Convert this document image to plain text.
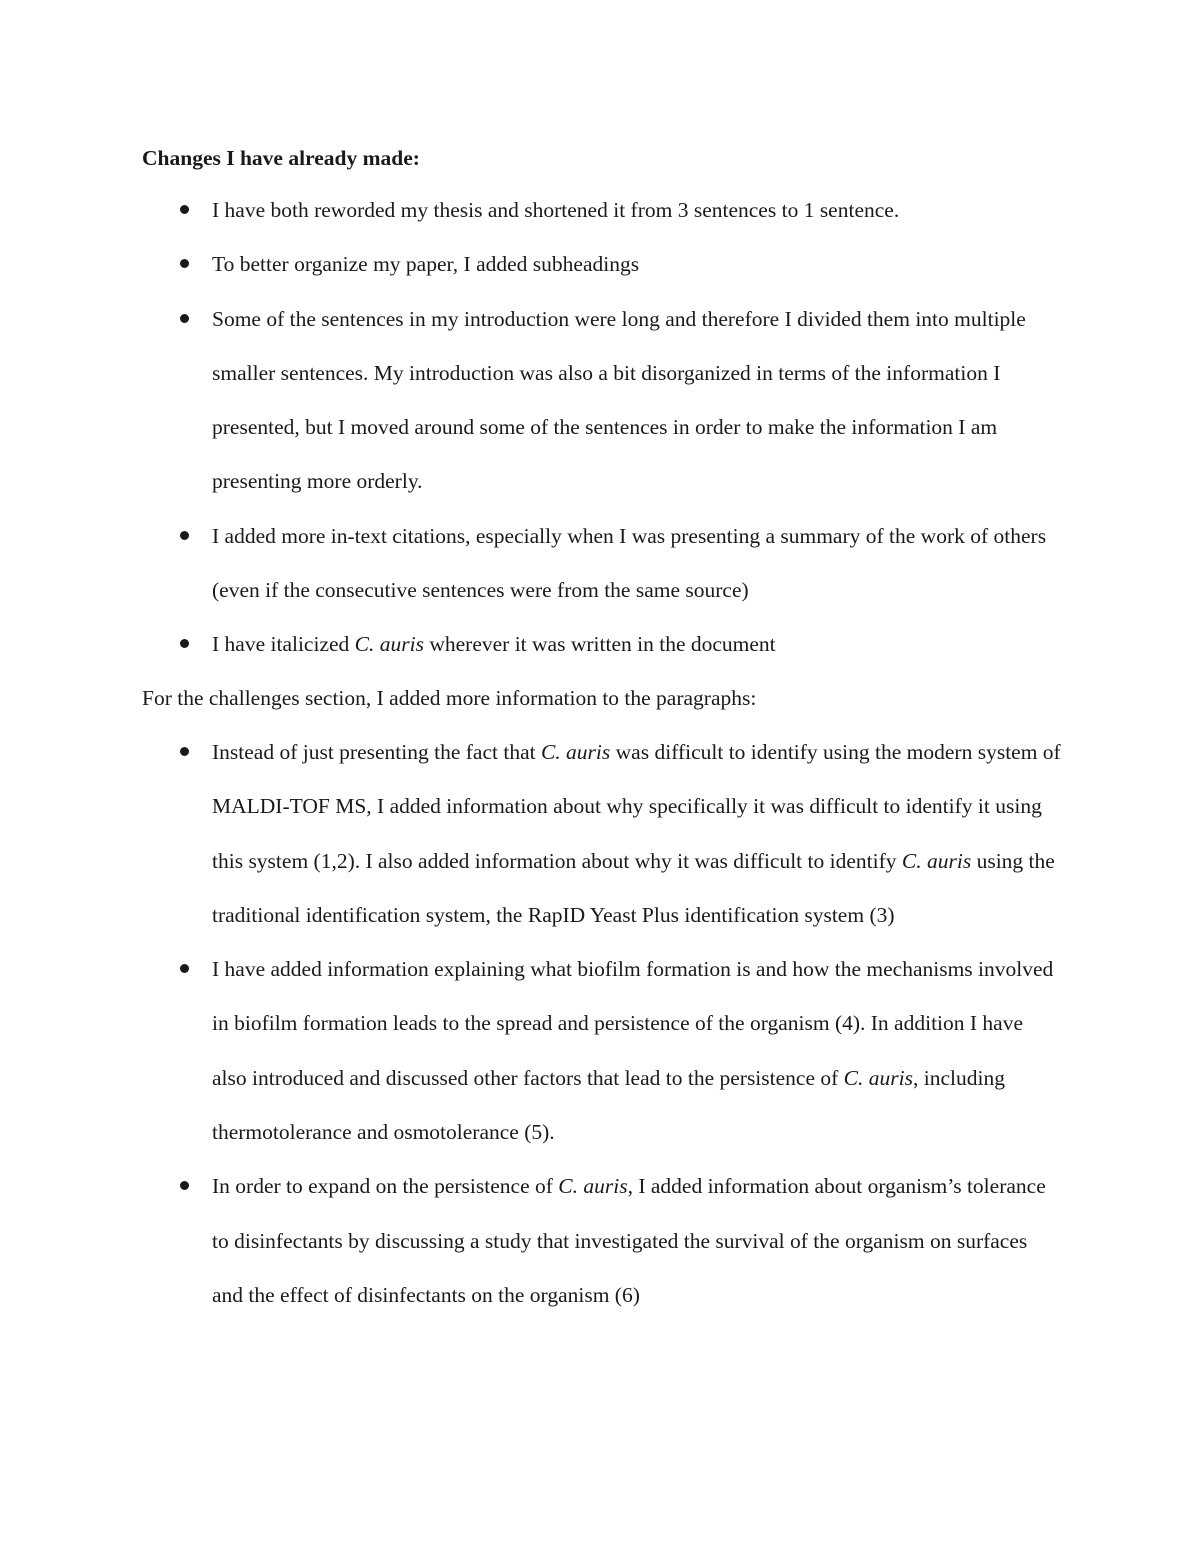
Changes I have already made:

I have both reworded my thesis and shortened it from 3 sentences to 1 sentence.
To better organize my paper, I added subheadings
Some of the sentences in my introduction were long and therefore I divided them into multiple smaller sentences. My introduction was also a bit disorganized in terms of the information I presented, but I moved around some of the sentences in order to make the information I am presenting more orderly.
I added more in-text citations, especially when I was presenting a summary of the work of others (even if the consecutive sentences were from the same source)
I have italicized C. auris wherever it was written in the document

For the challenges section, I added more information to the paragraphs:

Instead of just presenting the fact that C. auris was difficult to identify using the modern system of MALDI-TOF MS, I added information about why specifically it was difficult to identify it using this system (1,2). I also added information about why it was difficult to identify C. auris using the traditional identification system, the RapID Yeast Plus identification system (3)
I have added information explaining what biofilm formation is and how the mechanisms involved in biofilm formation leads to the spread and persistence of the organism (4). In addition I have also introduced and discussed other factors that lead to the persistence of C. auris, including thermotolerance and osmotolerance (5).
In order to expand on the persistence of C. auris, I added information about organism’s tolerance to disinfectants by discussing a study that investigated the survival of the organism on surfaces and the effect of disinfectants on the organism (6)
